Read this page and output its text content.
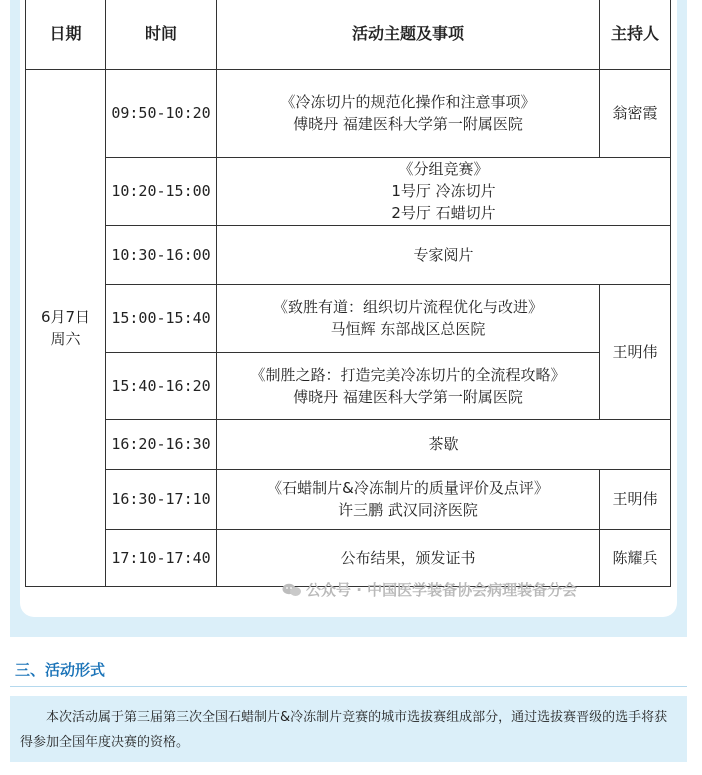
日期	时间	活动主题及事项	主持人

6月7日
周六	09:50-10:20	《冷冻切片的规范化操作和注意事项》
傅晓丹 福建医科大学第一附属医院	翁密霞
	10:20-15:00	《分组竞赛》
1号厅 冷冻切片
2号厅 石蜡切片	

	10:30-16:00	专家阅片	

	15:00-15:40	《致胜有道：组织切片流程优化与改进》
马恒辉 东部战区总医院	王明伟
	15:40-16:20	《制胜之路：打造完美冷冻切片的全流程攻略》
傅晓丹 福建医科大学第一附属医院	

	16:20-16:30	茶歇	

	16:30-17:10	《石蜡制片&冷冻制片的质量评价及点评》
许三鹏 武汉同济医院	王明伟
	17:10-17:40	公布结果，颁发证书	陈耀兵
公众号 · 中国医学装备协会病理装备分会
三、活动形式

本次活动属于第三届第三次全国石蜡制片&冷冻制片竞赛的城市选拔赛组成部分，通过选拔赛晋级的选手将获得参加全国年度决赛的资格。
